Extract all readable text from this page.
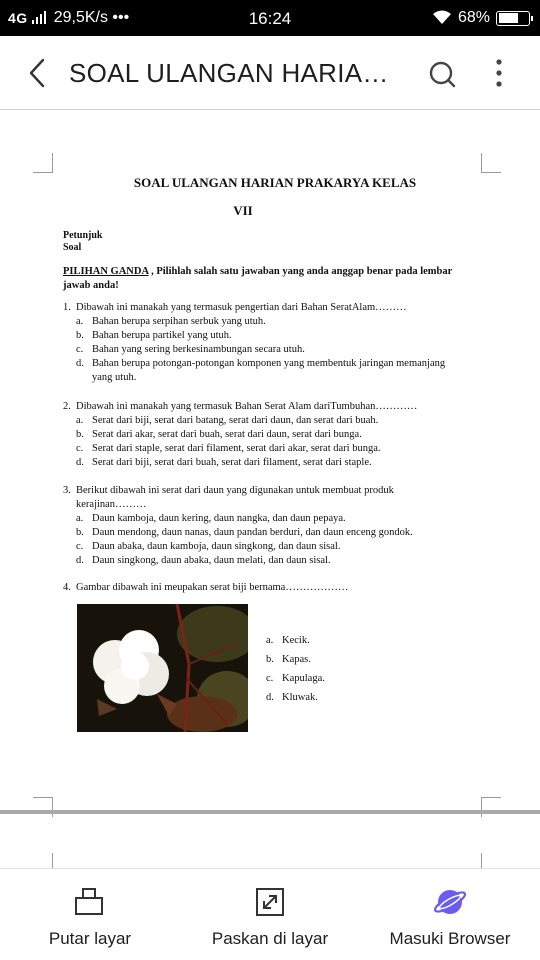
4G 29,5K/s •••	16:24	68%
SOAL ULANGAN HARIA…
SOAL ULANGAN HARIAN PRAKARYA KELAS
VII
Petunjuk
Soal
PILIHAN GANDA , Pilihlah salah satu jawaban yang anda anggap benar pada lembar jawab anda!
1. Dibawah ini manakah yang termasuk pengertian dari Bahan SeratAlam………
a. Bahan berupa serpihan serbuk yang utuh.
b. Bahan berupa partikel yang utuh.
c. Bahan yang sering berkesinambungan secara utuh.
d. Bahan berupa potongan-potongan komponen yang membentuk jaringan memanjang yang utuh.
2. Dibawah ini manakah yang termasuk Bahan Serat Alam dariTumbuhan…………
a. Serat dari biji, serat dari batang, serat dari daun, dan serat dari buah.
b. Serat dari akar, serat dari buah, serat dari daun, serat dari bunga.
c. Serat dari staple, serat dari filament, serat dari akar, serat dari bunga.
d. Serat dari biji, serat dari buah, serat dari filament, serat dari staple.
3. Berikut dibawah ini serat dari daun yang digunakan untuk membuat produk kerajinan………
a. Daun kamboja, daun kering, daun nangka, dan daun pepaya.
b. Daun mendong, daun nanas, daun pandan berduri, dan daun enceng gondok.
c. Daun abaka, daun kamboja, daun singkong, dan daun sisal.
d. Daun singkong, daun abaka, daun melati, dan daun sisal.
4. Gambar dibawah ini meupakan serat biji bernama………………
a. Kecik.
b. Kapas.
c. Kapulaga.
d. Kluwak.
Putar layar	Paskan di layar	Masuki Browser
